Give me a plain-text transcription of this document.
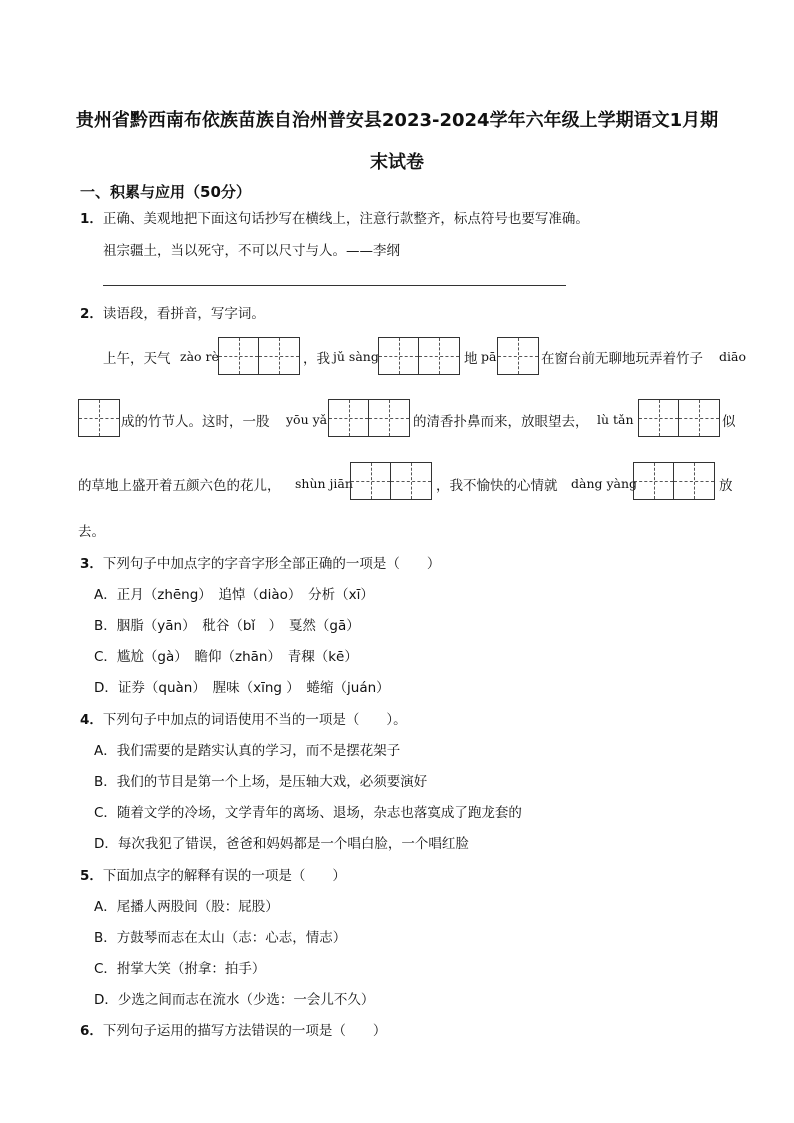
贵州省黔西南布依族苗族自治州普安县2023-2024学年六年级上学期语文1月期
末试卷
一、积累与应用（50分）
1．正确、美观地把下面这句话抄写在横线上，注意行款整齐，标点符号也要写准确。
祖宗疆土，当以死守，不可以尺寸与人。——李纲
2．读语段，看拼音，写字词。
上午，天气 zào rè	，我 jǔ sàng	地 pā	在窗台前无聊地玩弄着竹子 diāo
成的竹节人。这时，一股 yōu yǎ	的清香扑鼻而来，放眼望去， lù tǎn	似
的草地上盛开着五颜六色的花儿， shùn jiān	，我不愉快的心情就 dàng yàng	放
去。
3．下列句子中加点字的字音字形全部正确的一项是（　　）
A．正月（zhēng）　追悼（diào）　分析（xī）
B．胭脂（yān）　秕谷（bǐ　）　戛然（gā）
C．尴尬（gà）　瞻仰（zhān）　青稞（kē）
D．证券（quàn）　腥味（xīng ）　蜷缩（juán）
4．下列句子中加点的词语使用不当的一项是（　　）。
A．我们需要的是踏实认真的学习，而不是摆花架子
B．我们的节目是第一个上场，是压轴大戏，必须要演好
C．随着文学的冷场，文学青年的离场、退场，杂志也落寞成了跑龙套的
D．每次我犯了错误，爸爸和妈妈都是一个唱白脸，一个唱红脸
5．下面加点字的解释有误的一项是（　　）
A．尾播人两股间（股：屁股）
B．方鼓琴而志在太山（志：心志，情志）
C．拊掌大笑（拊拿：拍手）
D．少选之间而志在流水（少选：一会儿不久）
6．下列句子运用的描写方法错误的一项是（　　）
